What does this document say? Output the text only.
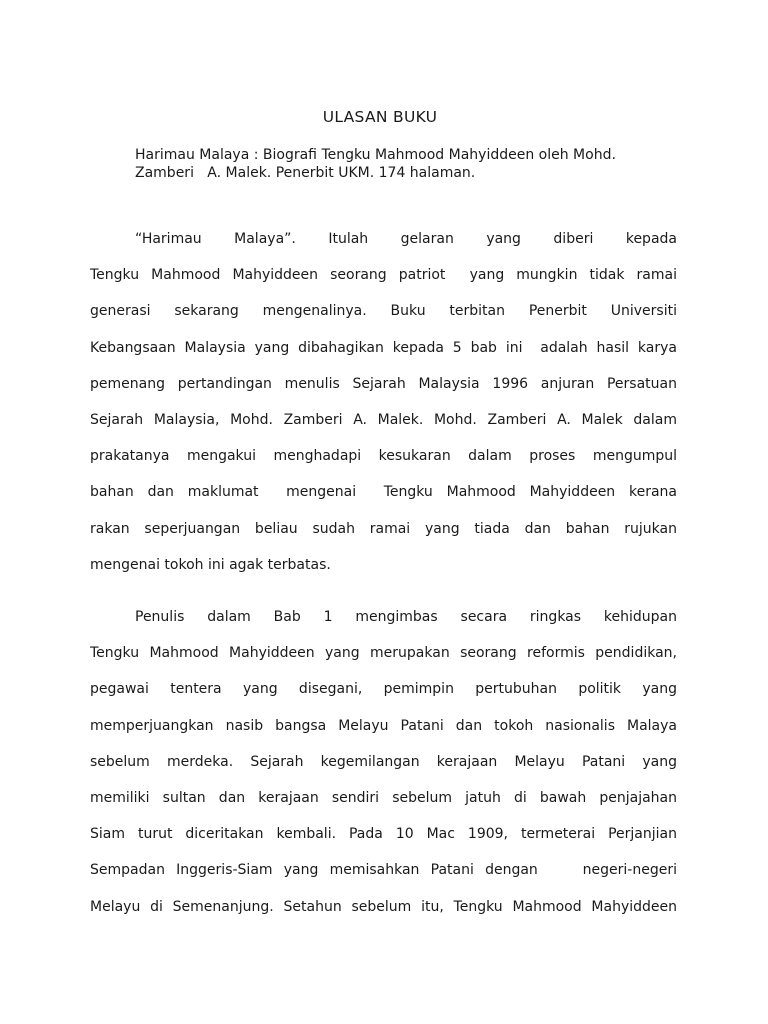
ULASAN BUKU
Harimau Malaya : Biografi Tengku Mahmood Mahyiddeen oleh Mohd.
Zamberi   A. Malek. Penerbit UKM. 174 halaman.
“Harimau Malaya”. Itulah gelaran yang diberi kepada
Tengku Mahmood Mahyiddeen seorang patriot  yang mungkin tidak ramai
generasi sekarang mengenalinya. Buku terbitan Penerbit Universiti
Kebangsaan Malaysia yang dibahagikan kepada 5 bab ini  adalah hasil karya
pemenang pertandingan menulis Sejarah Malaysia 1996 anjuran Persatuan
Sejarah Malaysia, Mohd. Zamberi A. Malek. Mohd. Zamberi A. Malek dalam
prakatanya mengakui menghadapi kesukaran dalam proses mengumpul
bahan dan maklumat  mengenai  Tengku Mahmood Mahyiddeen kerana
rakan seperjuangan beliau sudah ramai yang tiada dan bahan rujukan
mengenai tokoh ini agak terbatas.
Penulis dalam Bab 1 mengimbas secara ringkas kehidupan
Tengku Mahmood Mahyiddeen yang merupakan seorang reformis pendidikan,
pegawai tentera yang disegani, pemimpin pertubuhan politik yang
memperjuangkan nasib bangsa Melayu Patani dan tokoh nasionalis Malaya
sebelum merdeka. Sejarah kegemilangan kerajaan Melayu Patani yang
memiliki sultan dan kerajaan sendiri sebelum jatuh di bawah penjajahan
Siam turut diceritakan kembali. Pada 10 Mac 1909, termeterai Perjanjian
Sempadan Inggeris-Siam yang memisahkan Patani dengan    negeri-negeri
Melayu di Semenanjung. Setahun sebelum itu, Tengku Mahmood Mahyiddeen
